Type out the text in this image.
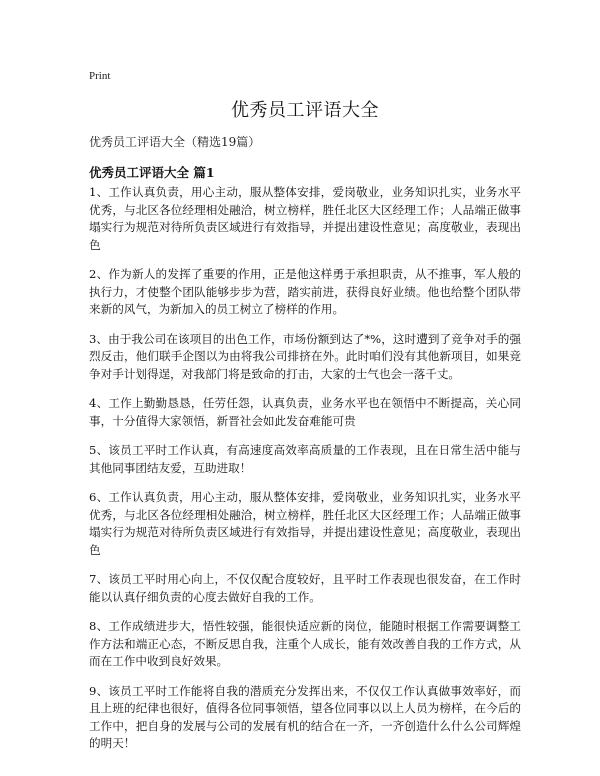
Print
优秀员工评语大全
优秀员工评语大全（精选19篇）
优秀员工评语大全 篇1

1、工作认真负责，用心主动，服从整体安排，爱岗敬业，业务知识扎实，业务水平优秀，与北区各位经理相处融洽，树立榜样，胜任北区大区经理工作；人品端正做事塌实行为规范对待所负责区域进行有效指导，并提出建设性意见；高度敬业，表现出色

2、作为新人的发挥了重要的作用，正是他这样勇于承担职责，从不推事，军人般的执行力，才使整个团队能够步步为营，踏实前进，获得良好业绩。他也给整个团队带来新的风气，为新加入的员工树立了榜样的作用。

3、由于我公司在该项目的出色工作，市场份额到达了*%，这时遭到了竞争对手的强烈反击，他们联手企图以为由将我公司排挤在外。此时咱们没有其他新项目，如果竞争对手计划得逞，对我部门将是致命的打击，大家的士气也会一落千丈。

4、工作上勤勤恳恳，任劳任怨，认真负责，业务水平也在领悟中不断提高，关心同事，十分值得大家领悟，新晋社会如此发奋难能可贵

5、该员工平时工作认真，有高速度高效率高质量的工作表现，且在日常生活中能与其他同事团结友爱，互助进取！

6、工作认真负责，用心主动，服从整体安排，爱岗敬业，业务知识扎实，业务水平优秀，与北区各位经理相处融洽，树立榜样，胜任北区大区经理工作；人品端正做事塌实行为规范对待所负责区域进行有效指导，并提出建设性意见；高度敬业，表现出色

7、该员工平时用心向上，不仅仅配合度较好，且平时工作表现也很发奋，在工作时能以认真仔细负责的心度去做好自我的工作。

8、工作成绩进步大，悟性较强，能很快适应新的岗位，能随时根据工作需要调整工作方法和端正心态，不断反思自我，注重个人成长，能有效改善自我的工作方式，从而在工作中收到良好效果。

9、该员工平时工作能将自我的潜质充分发挥出来，不仅仅工作认真做事效率好，而且上班的纪律也很好，值得各位同事领悟，望各位同事以以上人员为榜样，在今后的工作中，把自身的发展与公司的发展有机的结合在一齐，一齐创造什么什么公司辉煌的明天！
